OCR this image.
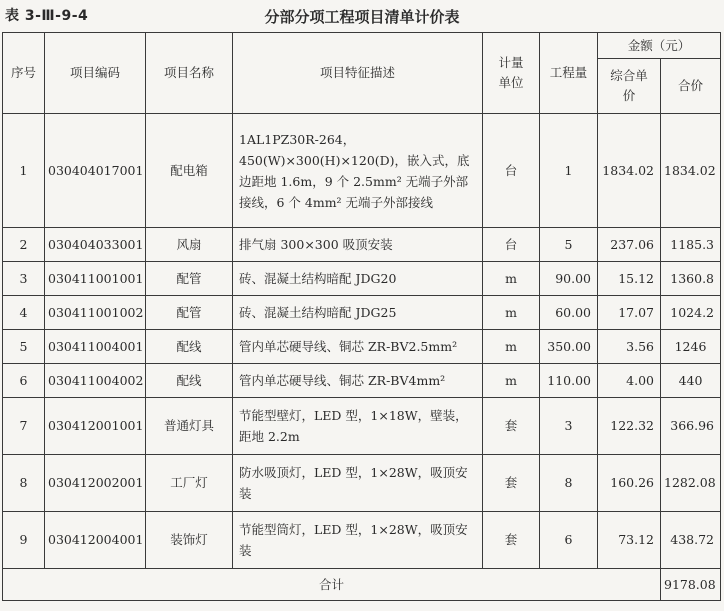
表 3-Ⅲ-9-4	分部分项工程项目清单计价表
序号	项目编码	项目名称	项目特征描述	计量单位	工程量	金额（元）	
						综合单价	合价
1	030404017001	配电箱	1AL1PZ30R-264，450(W)×300(H)×120(D)，嵌入式，底边距地 1.6m，9 个 2.5mm² 无端子外部接线，6 个 4mm² 无端子外部接线	台	1	1834.02	1834.02
2	030404033001	风扇	排气扇 300×300 吸顶安装	台	5	237.06	1185.3
3	030411001001	配管	砖、混凝土结构暗配 JDG20	m	90.00	15.12	1360.8
4	030411001002	配管	砖、混凝土结构暗配 JDG25	m	60.00	17.07	1024.2
5	030411004001	配线	管内单芯硬导线、铜芯 ZR-BV2.5mm²	m	350.00	3.56	1246
6	030411004002	配线	管内单芯硬导线、铜芯 ZR-BV4mm²	m	110.00	4.00	440
7	030412001001	普通灯具	节能型壁灯，LED 型，1×18W，壁装，距地 2.2m	套	3	122.32	366.96
8	030412002001	工厂灯	防水吸顶灯，LED 型，1×28W，吸顶安装	套	8	160.26	1282.08
9	030412004001	装饰灯	节能型筒灯，LED 型，1×28W，吸顶安装	套	6	73.12	438.72
合计							9178.08
